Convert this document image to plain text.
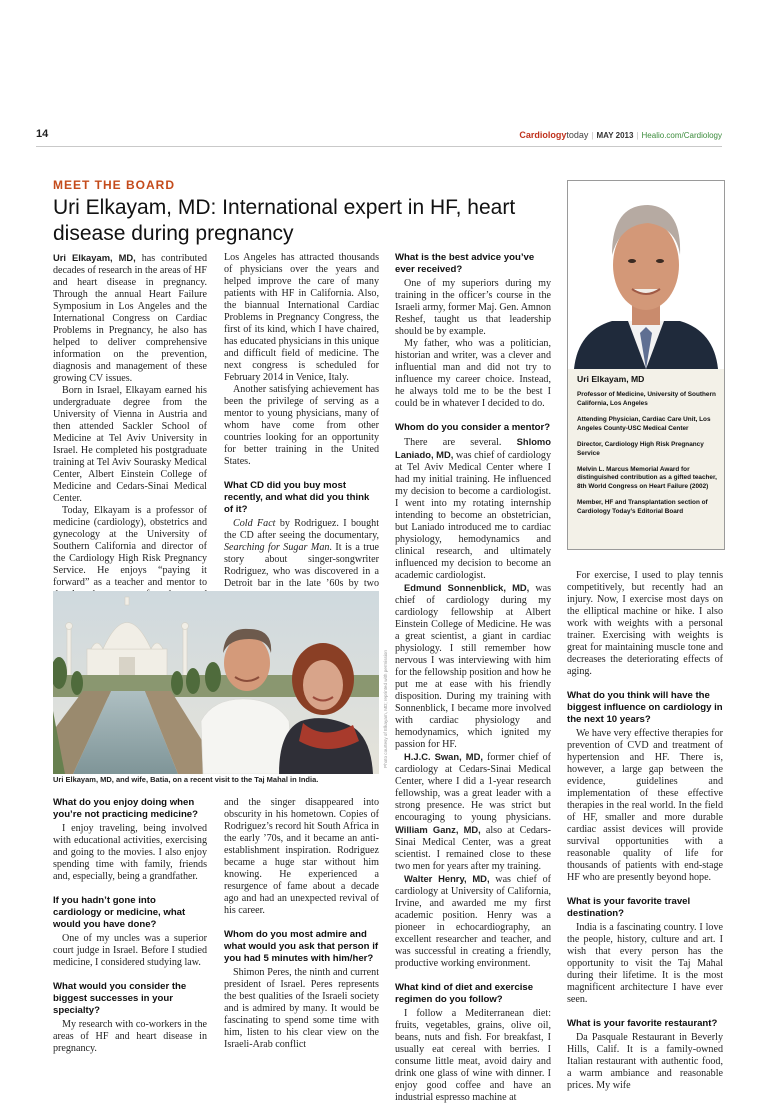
14	Cardiologytoday | MAY 2013 | Healio.com/Cardiology
MEET THE BOARD
Uri Elkayam, MD: International expert in HF, heart disease during pregnancy

Uri Elkayam, MD, has contributed decades of research in the areas of HF and heart disease in pregnancy. Through the annual Heart Failure Symposium in Los Angeles and the International Congress on Cardiac Problems in Pregnancy, he also has helped to deliver comprehensive information on the prevention, diagnosis and management of these growing CV issues.

Born in Israel, Elkayam earned his undergraduate degree from the University of Vienna in Austria and then attended Sackler School of Medicine at Tel Aviv University in Israel. He completed his postgraduate training at Tel Aviv Sourasky Medical Center, Albert Einstein College of Medicine and Cedars-Sinai Medical Center.

Today, Elkayam is a professor of medicine (cardiology), obstetrics and gynecology at the University of Southern California and director of the Cardiology High Risk Pregnancy Service. He enjoys “paying it forward” as a teacher and mentor to

Los Angeles has attracted thousands of physicians over the years and helped improve the care of many patients with HF in California. Also, the biannual International Cardiac Problems in Pregnancy Congress, the first of its kind, which I have chaired, has educated physicians in this unique and difficult field of medicine. The next congress is scheduled for February 2014 in Venice, Italy.

Another satisfying achievement has been the privilege of serving as a mentor to young physicians, many of whom have come from other countries looking for an opportunity for better training in the United States.

What CD did you buy most recently, and what did you think of it?

Cold Fact by Rodriguez. I bought the CD after seeing the documentary, Searching for Sugar Man. It is a true story about singer-songwriter Rodriguez, who was discovered in a Detroit bar in the late ’60s by two

What is the best advice you’ve ever received?

One of my superiors during my training in the officer’s course in the Israeli army, former Maj. Gen. Amnon Reshef, taught us that leadership should be by example.

My father, who was a politician, historian and writer, was a clever and influential man and did not try to influence my career choice. Instead, he always told me to be the best I could be in whatever I decided to do.

Whom do you consider a mentor?

There are several. Shlomo Laniado, MD, was chief of cardiology at Tel Aviv Medical Center where I had my initial training. He influenced my decision to become a cardiologist. I went into my rotating internship intending to become an obstetrician, but Laniado introduced me to cardiac physiology, hemodynamics and clinical research, and ultimately influenced my decision to become an academic cardiologist.

Edmund Sonnenblick, MD, was chief of cardiology during my cardiology fellowship at Albert Einstein College of Medicine. He was a great scientist, a giant in cardiac physiology. I still remember how nervous I was interviewing with him for the fellowship position and how he put me at ease with his friendly disposition. During my training with Sonnenblick, I became more involved with cardiac physiology and hemodynamics, which ignited my passion for HF.

H.J.C. Swan, MD, former chief of cardiology at Cedars-Sinai Medical Center, where I did a 1-year research fellowship, was a great leader with a strong presence. He was strict but encouraging to young physicians. William Ganz, MD, also at Cedars-Sinai Medical Center, was a great scientist. I remained close to these two men for years after my training.

Walter Henry, MD, was chief of cardiology at University of California, Irvine, and awarded me my first academic position. Henry was a pioneer in echocardiography, an excellent researcher and teacher, and was successful in creating a friendly, productive working environment.

What kind of diet and exercise regimen do you follow?

I follow a Mediterranean diet: fruits, vegetables, grains, olive oil, beans, nuts and fish. For breakfast, I usually eat cereal with berries. I consume little meat, avoid dairy and drink one glass of wine with dinner. I enjoy good coffee and have an industrial espresso machine at

Photo courtesy of Elkayam, MD; reprinted with permission
Uri Elkayam, MD, and wife, Batia, on a recent visit to the Taj Mahal in India.
What do you enjoy doing when you’re not practicing medicine?

I enjoy traveling, being involved with educational activities, exercising and going to the movies. I also enjoy spending time with family, friends and, especially, being a grandfather.

If you hadn’t gone into cardiology or medicine, what would you have done?

One of my uncles was a superior court judge in Israel. Before I studied medicine, I considered studying law.

What would you consider the biggest successes in your specialty?

My research with co-workers in the areas of HF and heart disease in pregnancy.

and the singer disappeared into obscurity in his hometown. Copies of Rodriguez’s record hit South Africa in the early ’70s, and it became an anti-establishment inspiration. Rodriguez became a huge star without him knowing. He experienced a resurgence of fame about a decade ago and had an unexpected revival of his career.

Whom do you most admire and what would you ask that person if you had 5 minutes with him/her?

Shimon Peres, the ninth and current president of Israel. Peres represents the best qualities of the Israeli society and is admired by many. It would be fascinating to spend some time with him, listen to his clear view on the Israeli-Arab conflict

For exercise, I used to play tennis competitively, but recently had an injury. Now, I exercise most days on the elliptical machine or hike. I also work with weights with a personal trainer. Exercising with weights is great for maintaining muscle tone and decreases the deteriorating effects of aging.

What do you think will have the biggest influence on cardiology in the next 10 years?

We have very effective therapies for prevention of CVD and treatment of hypertension and HF. There is, however, a large gap between the evidence, guidelines and implementation of these effective therapies in the real world. In the field of HF, smaller and more durable cardiac assist devices will provide survival opportunities with a reasonable quality of life for thousands of patients with end-stage HF who are presently beyond hope.

What is your favorite travel destination?

India is a fascinating country. I love the people, history, culture and art. I wish that every person has the opportunity to visit the Taj Mahal during their lifetime. It is the most magnificent architecture I have ever seen.

What is your favorite restaurant?

Da Pasquale Restaurant in Beverly Hills, Calif. It is a family-owned Italian restaurant with authentic food, a warm ambiance and reasonable prices. My wife

Uri Elkayam, MD
Professor of Medicine, University of Southern California, Los Angeles
Attending Physician, Cardiac Care Unit, Los Angeles County-USC Medical Center
Director, Cardiology High Risk Pregnancy Service
Melvin L. Marcus Memorial Award for distinguished contribution as a gifted teacher, 8th World Congress on Heart Failure (2002)
Member, HF and Transplantation section of Cardiology Today’s Editorial Board
